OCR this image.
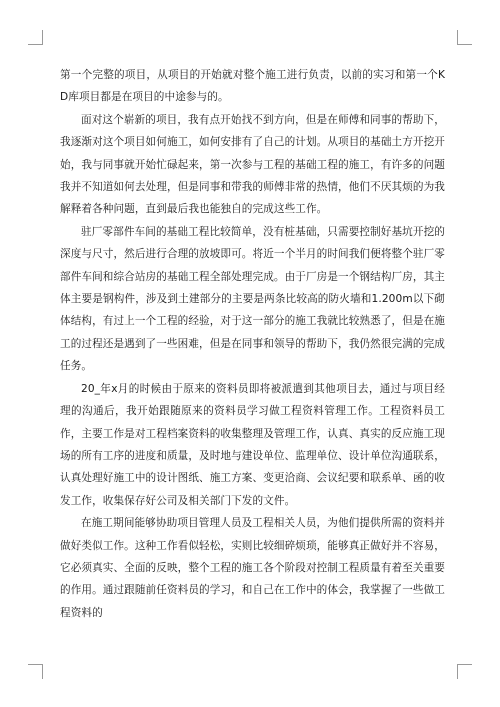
第一个完整的项目，从项目的开始就对整个施工进行负责，以前的实习和第一个KD库项目都是在项目的中途参与的。

面对这个崭新的项目，我有点开始找不到方向，但是在师傅和同事的帮助下，我逐渐对这个项目如何施工，如何安排有了自己的计划。从项目的基础土方开挖开始，我与同事就开始忙碌起来，第一次参与工程的基础工程的施工，有许多的问题我并不知道如何去处理，但是同事和带我的师傅非常的热情，他们不厌其烦的为我解释着各种问题，直到最后我也能独自的完成这些工作。

驻厂零部件车间的基础工程比较简单，没有桩基础，只需要控制好基坑开挖的深度与尺寸，然后进行合理的放坡即可。将近一个半月的时间我们便将整个驻厂零部件车间和综合站房的基础工程全部处理完成。由于厂房是一个钢结构厂房，其主体主要是钢构件，涉及到土建部分的主要是两条比较高的防火墙和1.200m以下砌体结构，有过上一个工程的经验，对于这一部分的施工我就比较熟悉了，但是在施工的过程还是遇到了一些困难，但是在同事和领导的帮助下，我仍然很完满的完成任务。

20_年x月的时候由于原来的资料员即将被派遣到其他项目去，通过与项目经理的沟通后，我开始跟随原来的资料员学习做工程资料管理工作。工程资料员工作，主要工作是对工程档案资料的收集整理及管理工作，认真、真实的反应施工现场的所有工序的进度和质量，及时地与建设单位、监理单位、设计单位沟通联系，认真处理好施工中的设计图纸、施工方案、变更洽商、会议纪要和联系单、函的收发工作，收集保存好公司及相关部门下发的文件。

在施工期间能够协助项目管理人员及工程相关人员，为他们提供所需的资料并做好类似工作。这种工作看似轻松，实则比较细碎烦琐，能够真正做好并不容易，它必须真实、全面的反映，整个工程的施工各个阶段对控制工程质量有着至关重要的作用。通过跟随前任资料员的学习，和自己在工作中的体会，我掌握了一些做工程资料的
